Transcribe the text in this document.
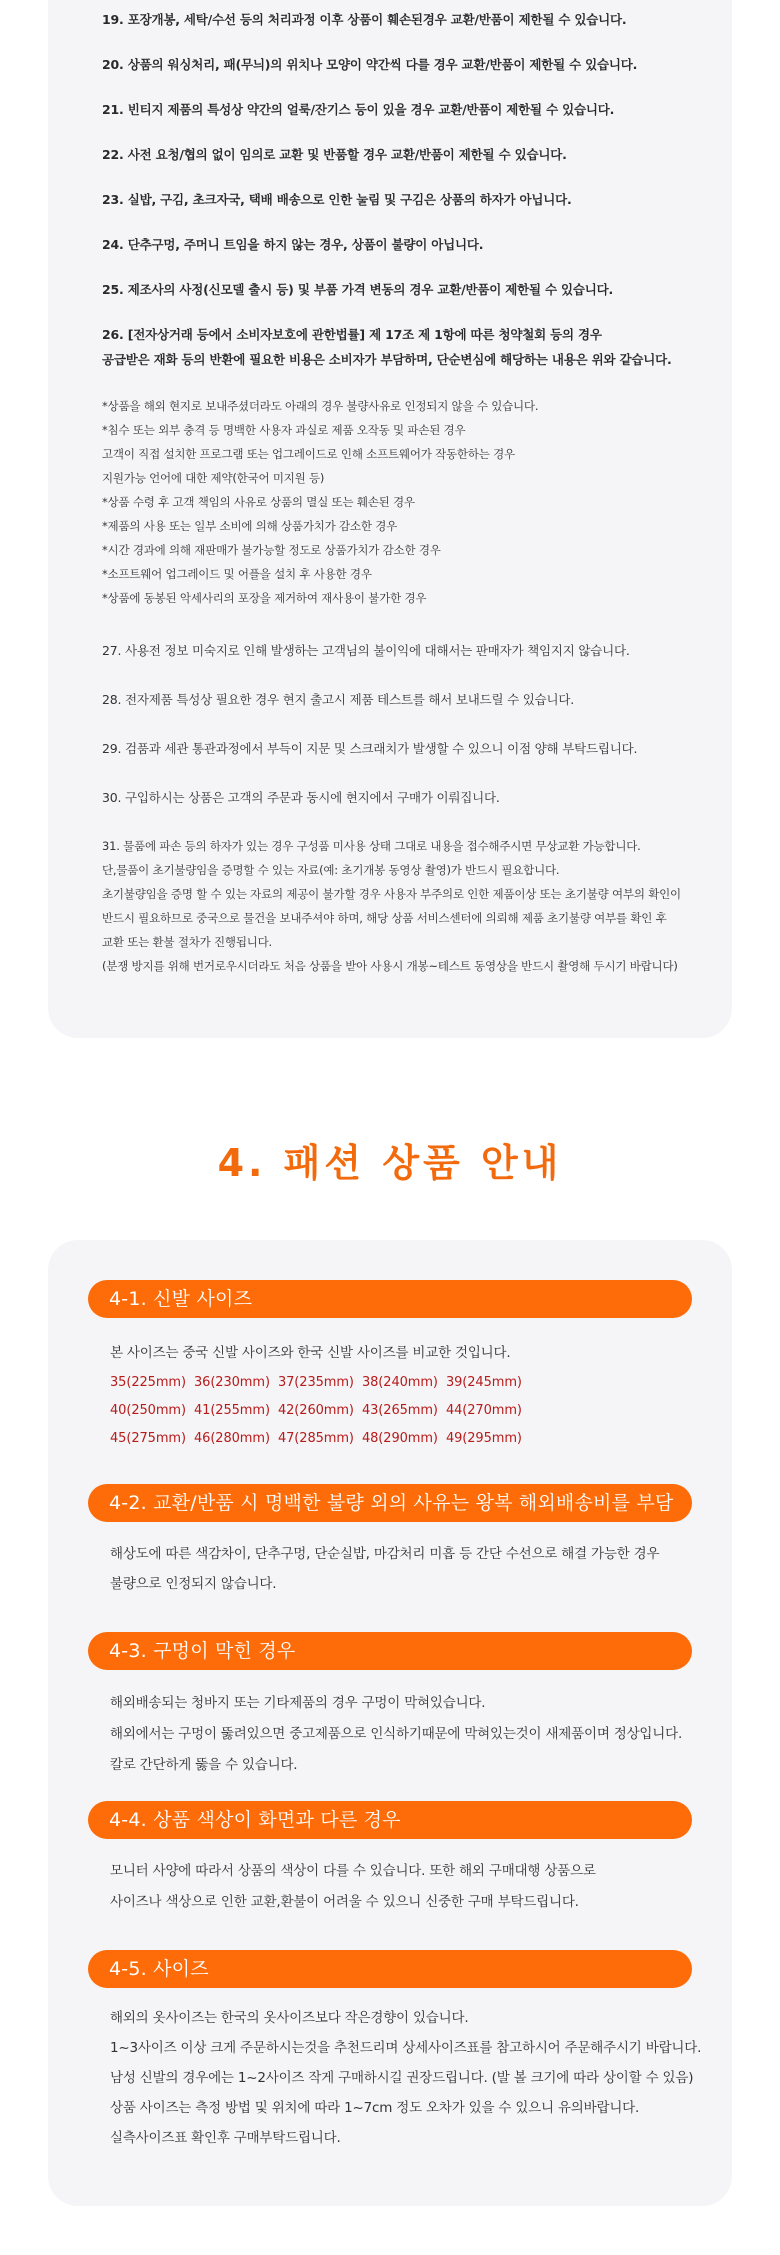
19. 포장개봉, 세탁/수선 등의 처리과정 이후 상품이 훼손된경우 교환/반품이 제한될 수 있습니다.
20. 상품의 워싱처리, 패(무늬)의 위치나 모양이 약간씩 다를 경우 교환/반품이 제한될 수 있습니다.
21. 빈티지 제품의 특성상 약간의 얼룩/잔기스 등이 있을 경우 교환/반품이 제한될 수 있습니다.
22. 사전 요청/협의 없이 임의로 교환 및 반품할 경우 교환/반품이 제한될 수 있습니다.
23. 실밥, 구김, 초크자국, 택배 배송으로 인한 눌림 및 구김은 상품의 하자가 아닙니다.
24. 단추구멍, 주머니 트임을 하지 않는 경우, 상품이 불량이 아닙니다.
25. 제조사의 사정(신모델 출시 등) 및 부품 가격 변동의 경우 교환/반품이 제한될 수 있습니다.
26. [전자상거래 등에서 소비자보호에 관한법률] 제 17조 제 1항에 따른 청약철회 등의 경우
공급받은 재화 등의 반환에 필요한 비용은 소비자가 부담하며, 단순변심에 해당하는 내용은 위와 같습니다.
*상품을 해외 현지로 보내주셨더라도 아래의 경우 불량사유로 인정되지 않을 수 있습니다.
*침수 또는 외부 충격 등 명백한 사용자 과실로 제품 오작동 및 파손된 경우
고객이 직접 설치한 프로그램 또는 업그레이드로 인해 소프트웨어가 작동한하는 경우
지원가능 언어에 대한 제약(한국어 미지원 등)
*상품 수령 후 고객 책임의 사유로 상품의 멸실 또는 훼손된 경우
*제품의 사용 또는 일부 소비에 의해 상품가치가 감소한 경우
*시간 경과에 의해 재판매가 불가능할 정도로 상품가치가 감소한 경우
*소프트웨어 업그레이드 및 어플을 설치 후 사용한 경우
*상품에 동봉된 악세사리의 포장을 제거하여 재사용이 불가한 경우
27. 사용전 정보 미숙지로 인해 발생하는 고객님의 불이익에 대해서는 판매자가 책임지지 않습니다.
28. 전자제품 특성상 필요한 경우 현지 출고시 제품 테스트를 해서 보내드릴 수 있습니다.
29. 검품과 세관 통관과정에서 부득이 지문 및 스크래치가 발생할 수 있으니 이점 양해 부탁드립니다.
30. 구입하시는 상품은 고객의 주문과 동시에 현지에서 구매가 이뤄집니다.
31. 물품에 파손 등의 하자가 있는 경우 구성품 미사용 상태 그대로 내용을 접수해주시면 무상교환 가능합니다.
단,물품이 초기불량임을 증명할 수 있는 자료(예: 초기개봉 동영상 촬영)가 반드시 필요합니다.
초기불량임을 증명 할 수 있는 자료의 제공이 불가할 경우 사용자 부주의로 인한 제품이상 또는 초기불량 여부의 확인이
반드시 필요하므로 중국으로 물건을 보내주셔야 하며, 해당 상품 서비스센터에 의뢰해 제품 초기불량 여부를 확인 후
교환 또는 환불 절차가 진행됩니다.
(분쟁 방지를 위해 번거로우시더라도 처음 상품을 받아 사용시 개봉~테스트 동영상을 반드시 촬영해 두시기 바랍니다)
4. 패션 상품 안내
4-1. 신발 사이즈
본 사이즈는 중국 신발 사이즈와 한국 신발 사이즈를 비교한 것입니다.
35(225mm) 36(230mm) 37(235mm) 38(240mm) 39(245mm)
40(250mm) 41(255mm) 42(260mm) 43(265mm) 44(270mm)
45(275mm) 46(280mm) 47(285mm) 48(290mm) 49(295mm)
4-2. 교환/반품 시 명백한 불량 외의 사유는 왕복 해외배송비를 부담
해상도에 따른 색감차이, 단추구멍, 단순실밥, 마감처리 미흡 등 간단 수선으로 해결 가능한 경우
불량으로 인정되지 않습니다.
4-3. 구멍이 막힌 경우
해외배송되는 청바지 또는 기타제품의 경우 구멍이 막혀있습니다.
해외에서는 구멍이 뚫려있으면 중고제품으로 인식하기때문에 막혀있는것이 새제품이며 정상입니다.
칼로 간단하게 뚫을 수 있습니다.
4-4. 상품 색상이 화면과 다른 경우
모니터 사양에 따라서 상품의 색상이 다를 수 있습니다. 또한 해외 구매대행 상품으로
사이즈나 색상으로 인한 교환,환불이 어려울 수 있으니 신중한 구매 부탁드립니다.
4-5. 사이즈
해외의 옷사이즈는 한국의 옷사이즈보다 작은경향이 있습니다.
1~3사이즈 이상 크게 주문하시는것을 추천드리며 상세사이즈표를 참고하시어 주문해주시기 바랍니다.
남성 신발의 경우에는 1~2사이즈 작게 구매하시길 권장드립니다. (발 볼 크기에 따라 상이할 수 있음)
상품 사이즈는 측정 방법 및 위치에 따라 1~7cm 정도 오차가 있을 수 있으니 유의바랍니다.
실측사이즈표 확인후 구매부탁드립니다.
